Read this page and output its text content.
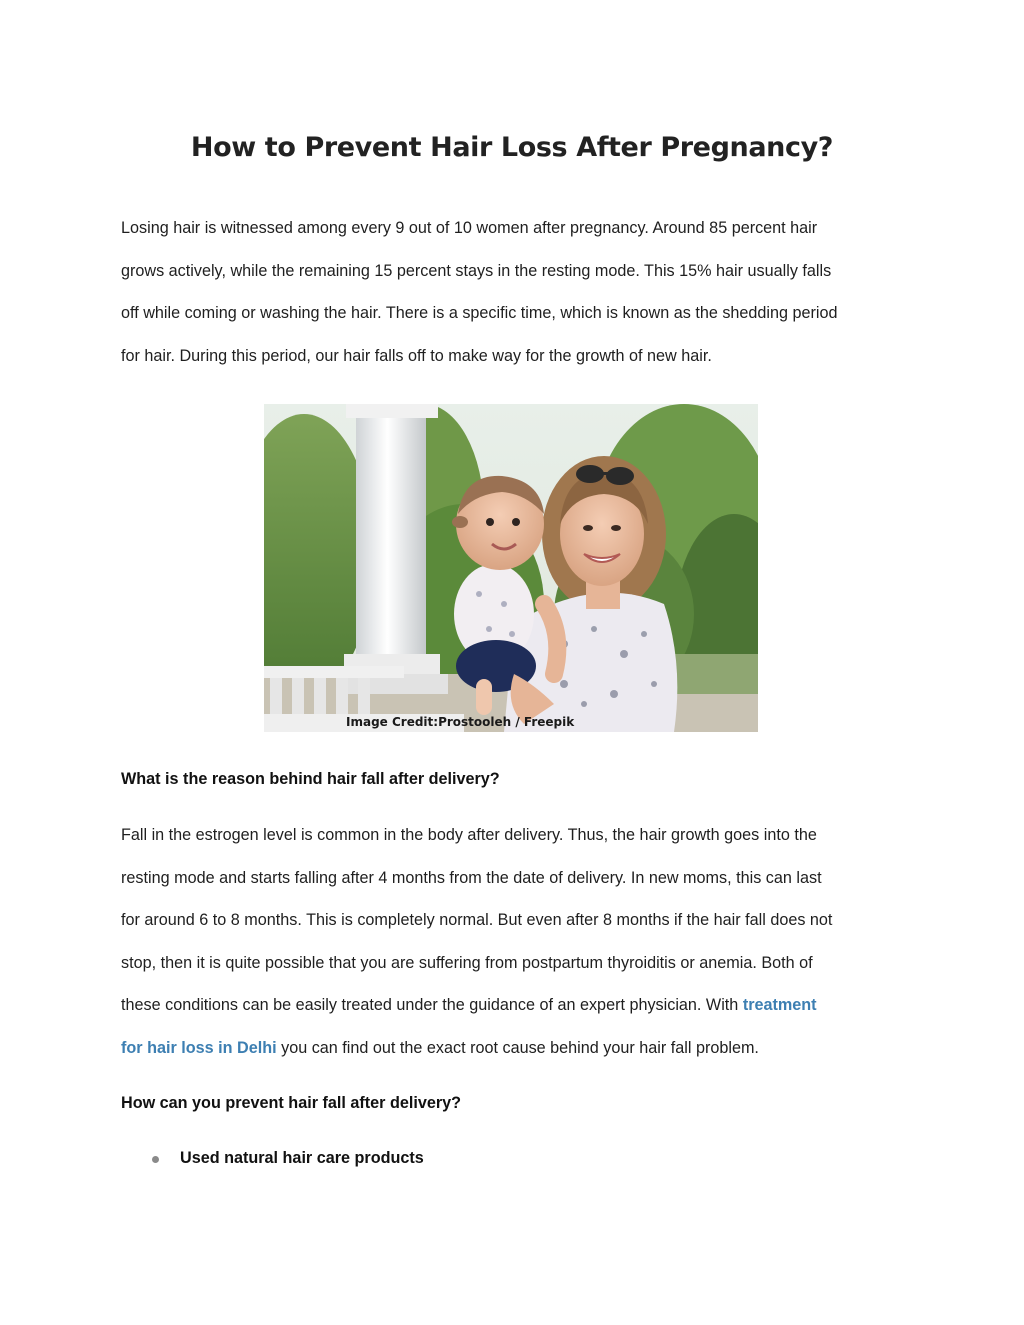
How to Prevent Hair Loss After Pregnancy?

Losing hair is witnessed among every 9 out of 10 women after pregnancy. Around 85 percent hair
grows actively, while the remaining 15 percent stays in the resting mode. This 15% hair usually falls
off while coming or washing the hair. There is a specific time, which is known as the shedding period
for hair. During this period, our hair falls off to make way for the growth of new hair.

Image Credit:Prostooleh / Freepik
What is the reason behind hair fall after delivery?

Fall in the estrogen level is common in the body after delivery. Thus, the hair growth goes into the
resting mode and starts falling after 4 months from the date of delivery. In new moms, this can last
for around 6 to 8 months. This is completely normal. But even after 8 months if the hair fall does not
stop, then it is quite possible that you are suffering from postpartum thyroiditis or anemia. Both of
these conditions can be easily treated under the guidance of an expert physician. With treatment
for hair loss in Delhi you can find out the exact root cause behind your hair fall problem.

How can you prevent hair fall after delivery?
Used natural hair care products
